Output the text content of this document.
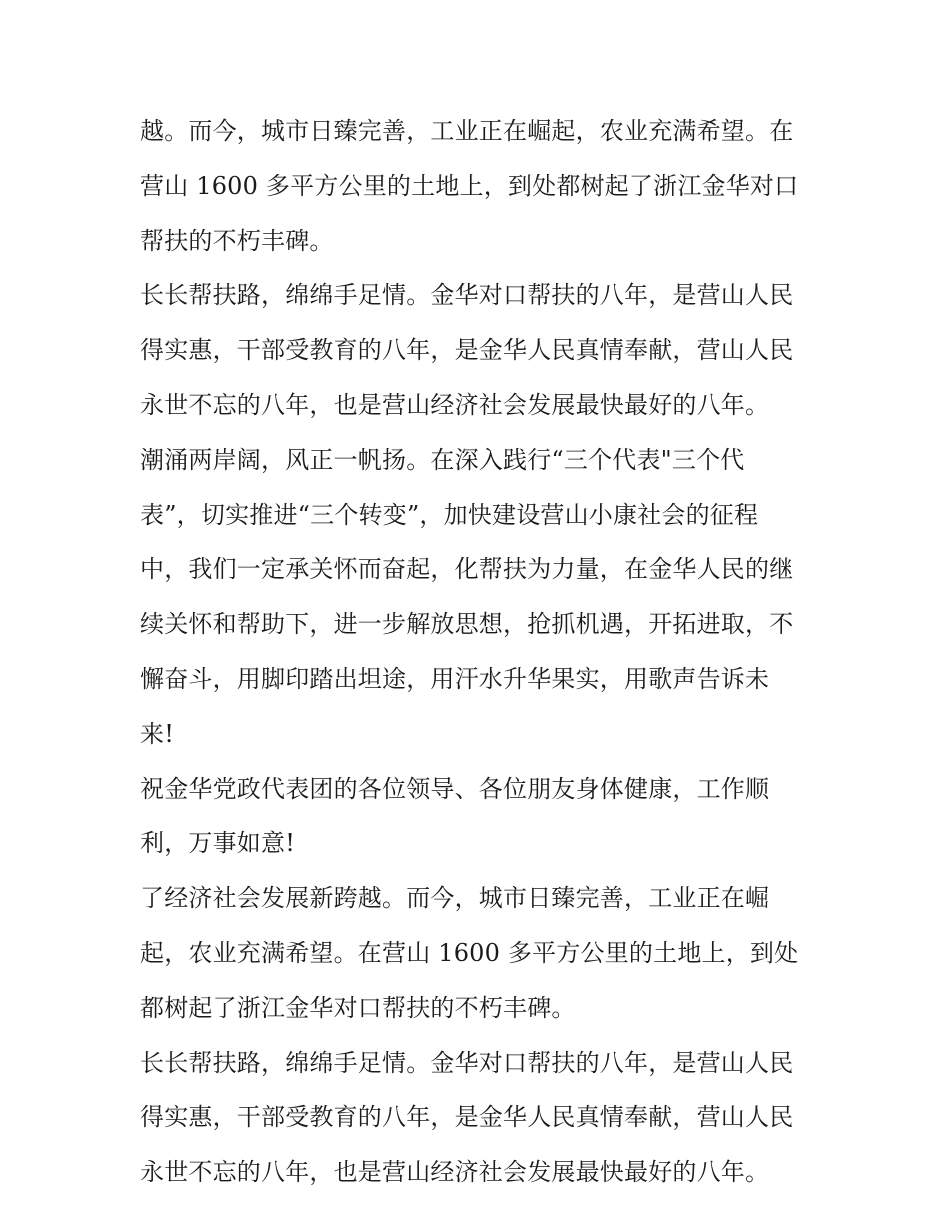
越。而今，城市日臻完善，工业正在崛起，农业充满希望。在
营山 1600 多平方公里的土地上，到处都树起了浙江金华对口
帮扶的不朽丰碑。
长长帮扶路，绵绵手足情。金华对口帮扶的八年，是营山人民
得实惠，干部受教育的八年，是金华人民真情奉献，营山人民
永世不忘的八年，也是营山经济社会发展最快最好的八年。
潮涌两岸阔，风正一帆扬。在深入践行“三个代表"三个代
表”，切实推进“三个转变”，加快建设营山小康社会的征程
中，我们一定承关怀而奋起，化帮扶为力量，在金华人民的继
续关怀和帮助下，进一步解放思想，抢抓机遇，开拓进取，不
懈奋斗，用脚印踏出坦途，用汗水升华果实，用歌声告诉未
来!
祝金华党政代表团的各位领导、各位朋友身体健康，工作顺
利，万事如意!
了经济社会发展新跨越。而今，城市日臻完善，工业正在崛
起，农业充满希望。在营山 1600 多平方公里的土地上，到处
都树起了浙江金华对口帮扶的不朽丰碑。
长长帮扶路，绵绵手足情。金华对口帮扶的八年，是营山人民
得实惠，干部受教育的八年，是金华人民真情奉献，营山人民
永世不忘的八年，也是营山经济社会发展最快最好的八年。
